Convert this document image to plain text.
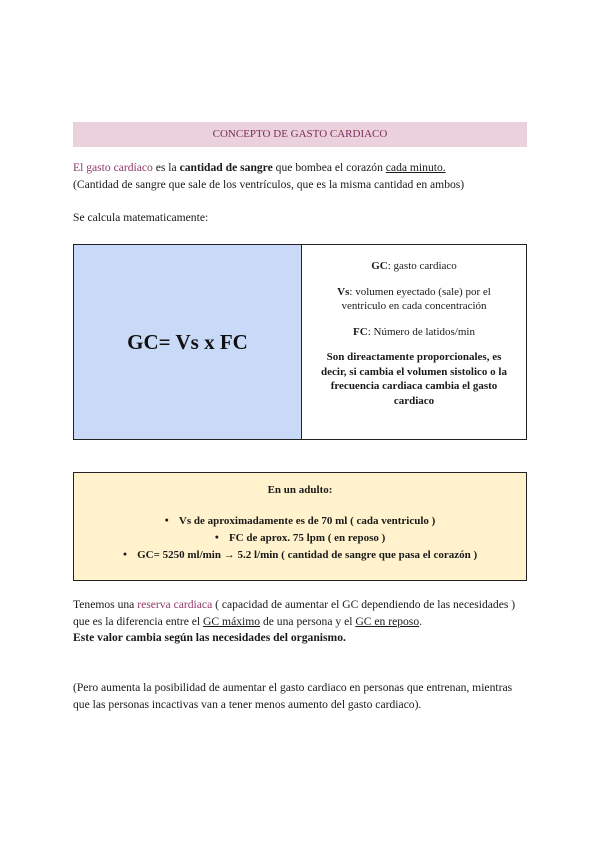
CONCEPTO DE GASTO CARDIACO
El gasto cardíaco es la cantidad de sangre que bombea el corazón cada minuto.
(Cantidad de sangre que sale de los ventrículos, que es la misma cantidad en ambos)
Se calcula matematicamente:
GC= Vs x FC

GC: gasto cardiaco

Vs: volumen eyectado (sale) por el ventriculo en cada concentración

FC: Número de latidos/min

Son direactamente proporcionales, es decir, si cambia el volumen sistolico o la frecuencia cardiaca cambia el gasto cardiaco

En un adulto:
● Vs de aproximadamente es de 70 ml ( cada ventriculo )
● FC de aprox. 75 lpm ( en reposo )
● GC= 5250 ml/min → 5.2 l/min ( cantidad de sangre que pasa el corazón )
Tenemos una reserva cardiaca ( capacidad de aumentar el GC dependiendo de las necesidades ) que es la diferencia entre el GC máximo de una persona y el GC en reposo.
Este valor cambia según las necesidades del organismo.
(Pero aumenta la posibilidad de aumentar el gasto cardiaco en personas que entrenan, mientras que las personas incactivas van a tener menos aumento del gasto cardiaco).
